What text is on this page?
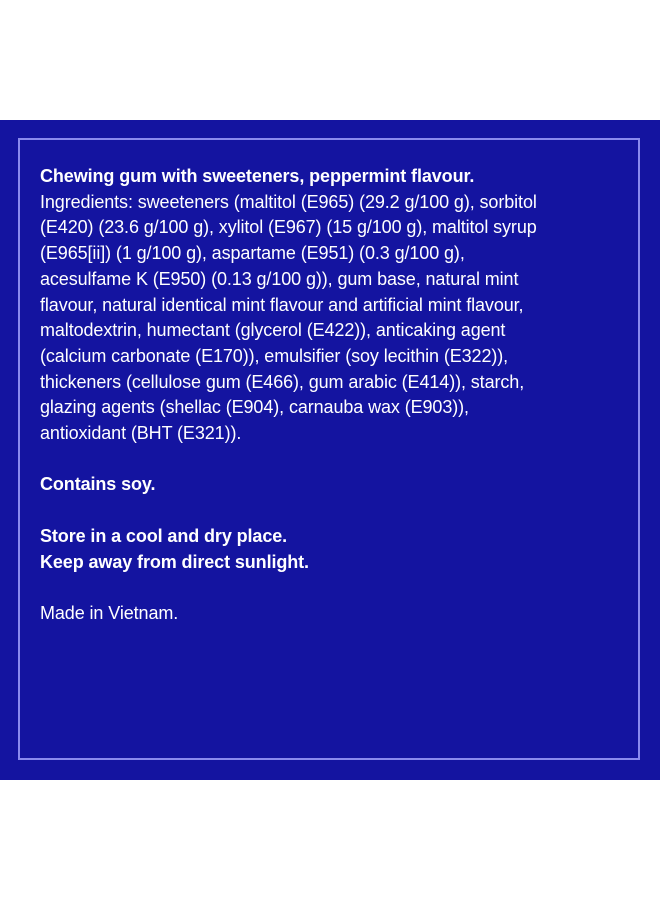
Chewing gum with sweeteners, peppermint flavour.

Ingredients: sweeteners (maltitol (E965) (29.2 g/100 g), sorbitol

(E420) (23.6 g/100 g), xylitol (E967) (15 g/100 g), maltitol syrup

(E965[ii]) (1 g/100 g), aspartame (E951) (0.3 g/100 g),

acesulfame K (E950) (0.13 g/100 g)), gum base, natural mint

flavour, natural identical mint flavour and artificial mint flavour,

maltodextrin, humectant (glycerol (E422)), anticaking agent

(calcium carbonate (E170)), emulsifier (soy lecithin (E322)),

thickeners (cellulose gum (E466), gum arabic (E414)), starch,

glazing agents (shellac (E904), carnauba wax (E903)),

antioxidant (BHT (E321)).

Contains soy.

Store in a cool and dry place.

Keep away from direct sunlight.

Made in Vietnam.
